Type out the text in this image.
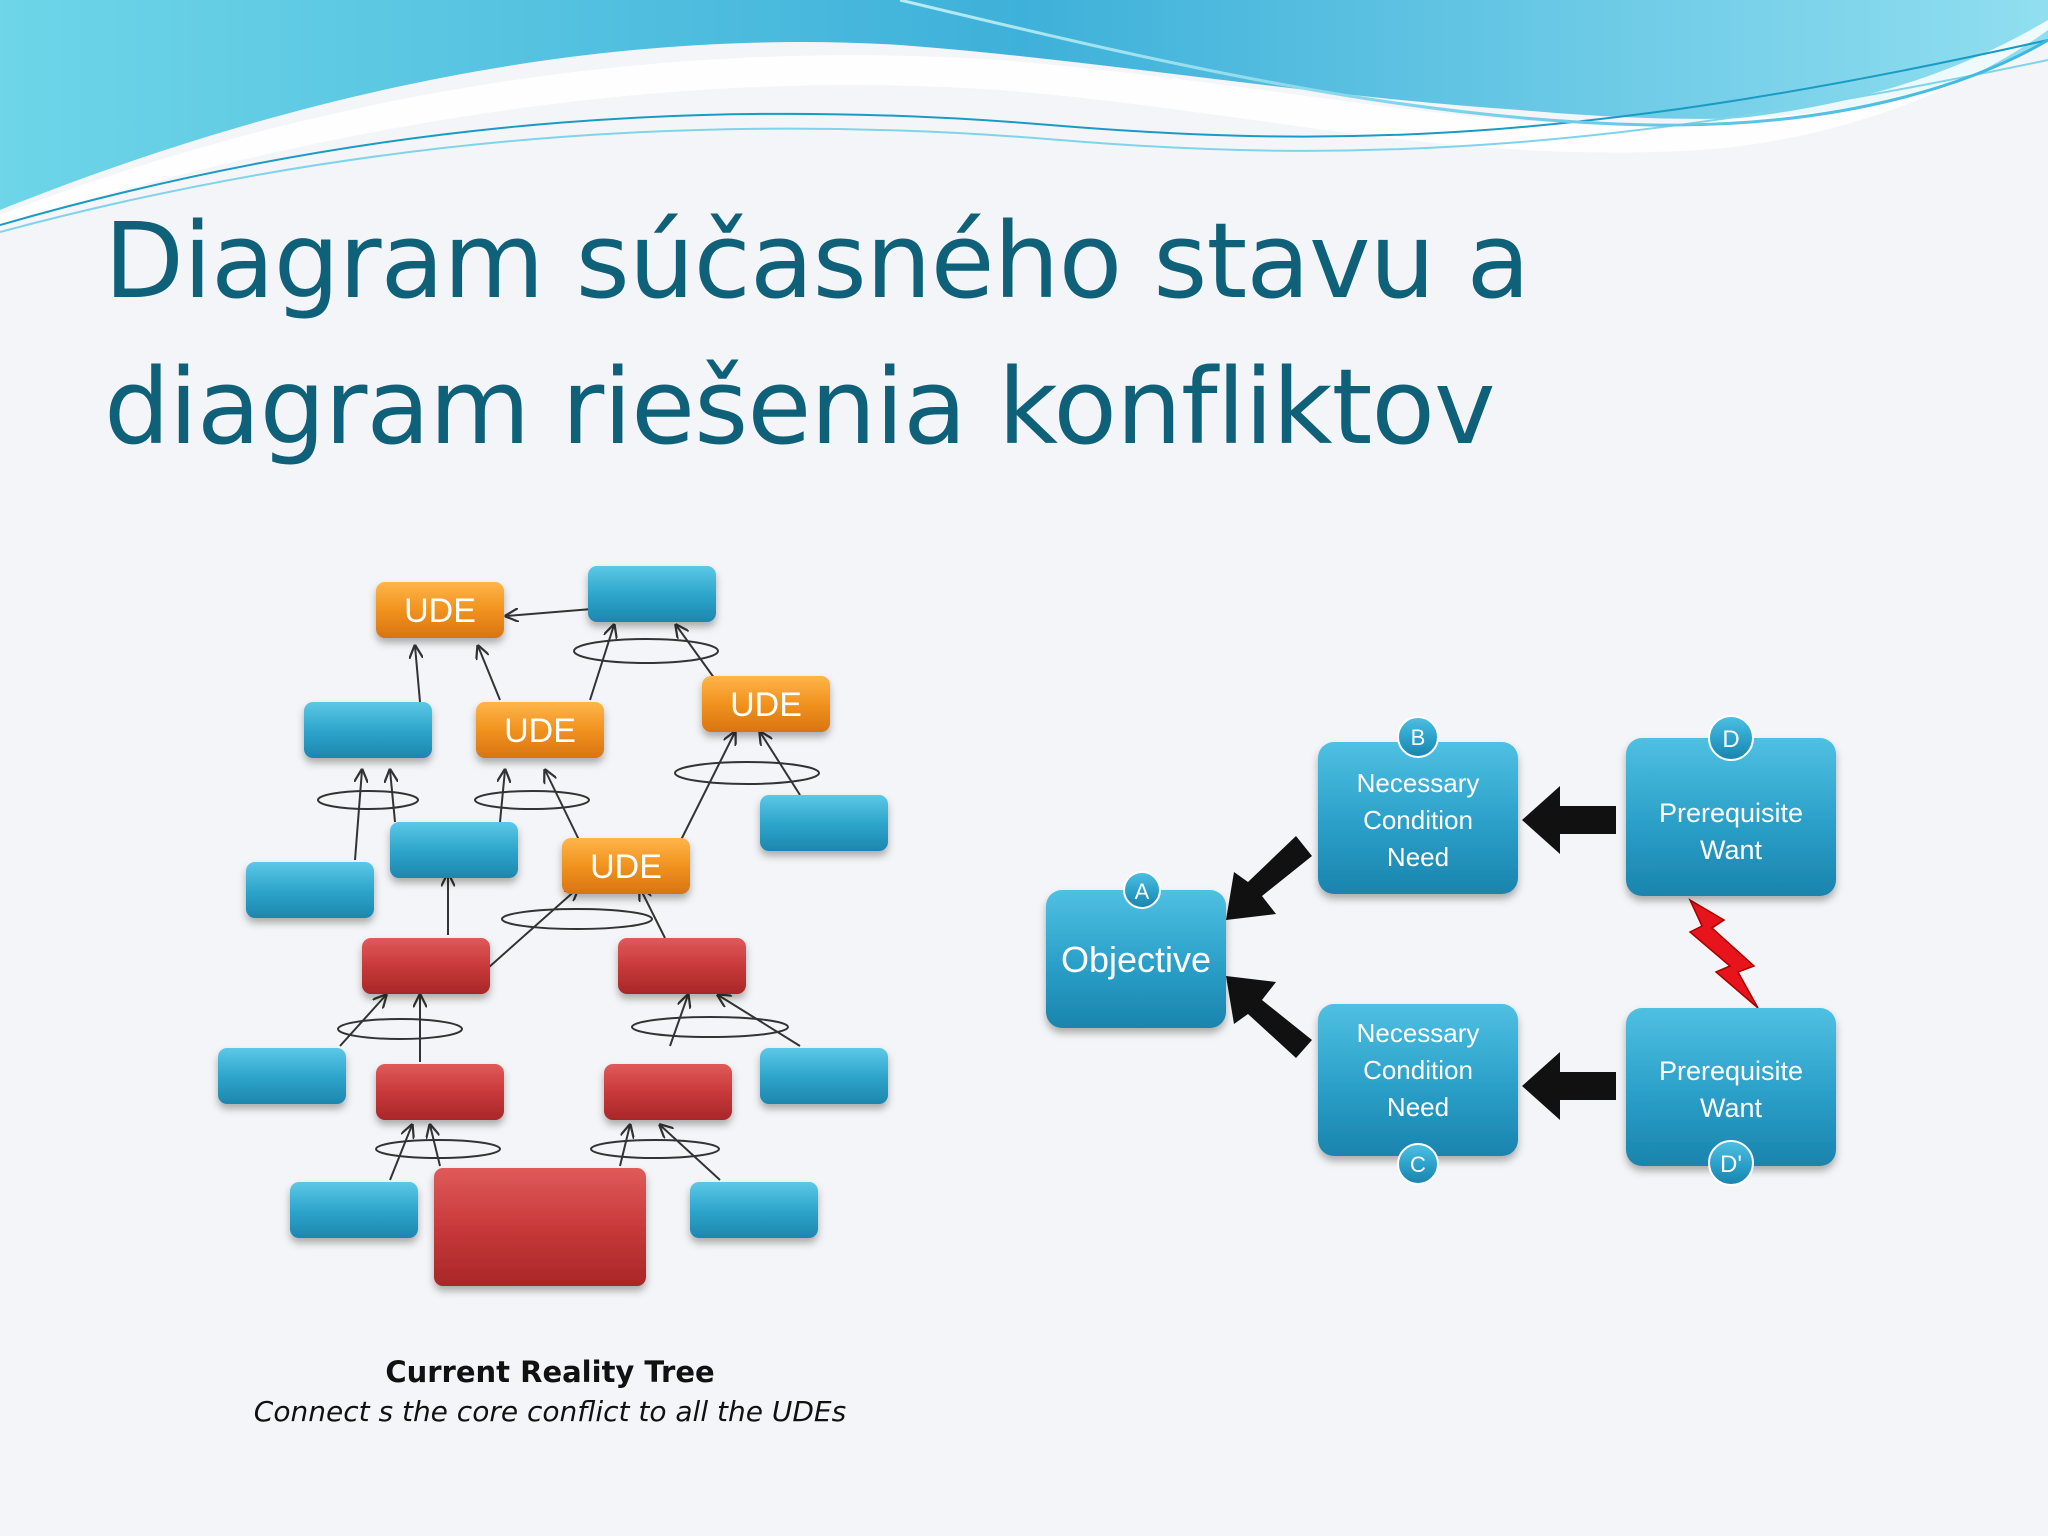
Diagram súčasného stavu a
diagram riešenia konfliktov
UDE
UDE
UDE
UDE
A
Objective
B
Necessary
Condition
Need
C
Necessary
Condition
Need
D
Prerequisite
Want
D'
Prerequisite
Want
Current Reality Tree
Connect s the core conflict to all the UDEs
